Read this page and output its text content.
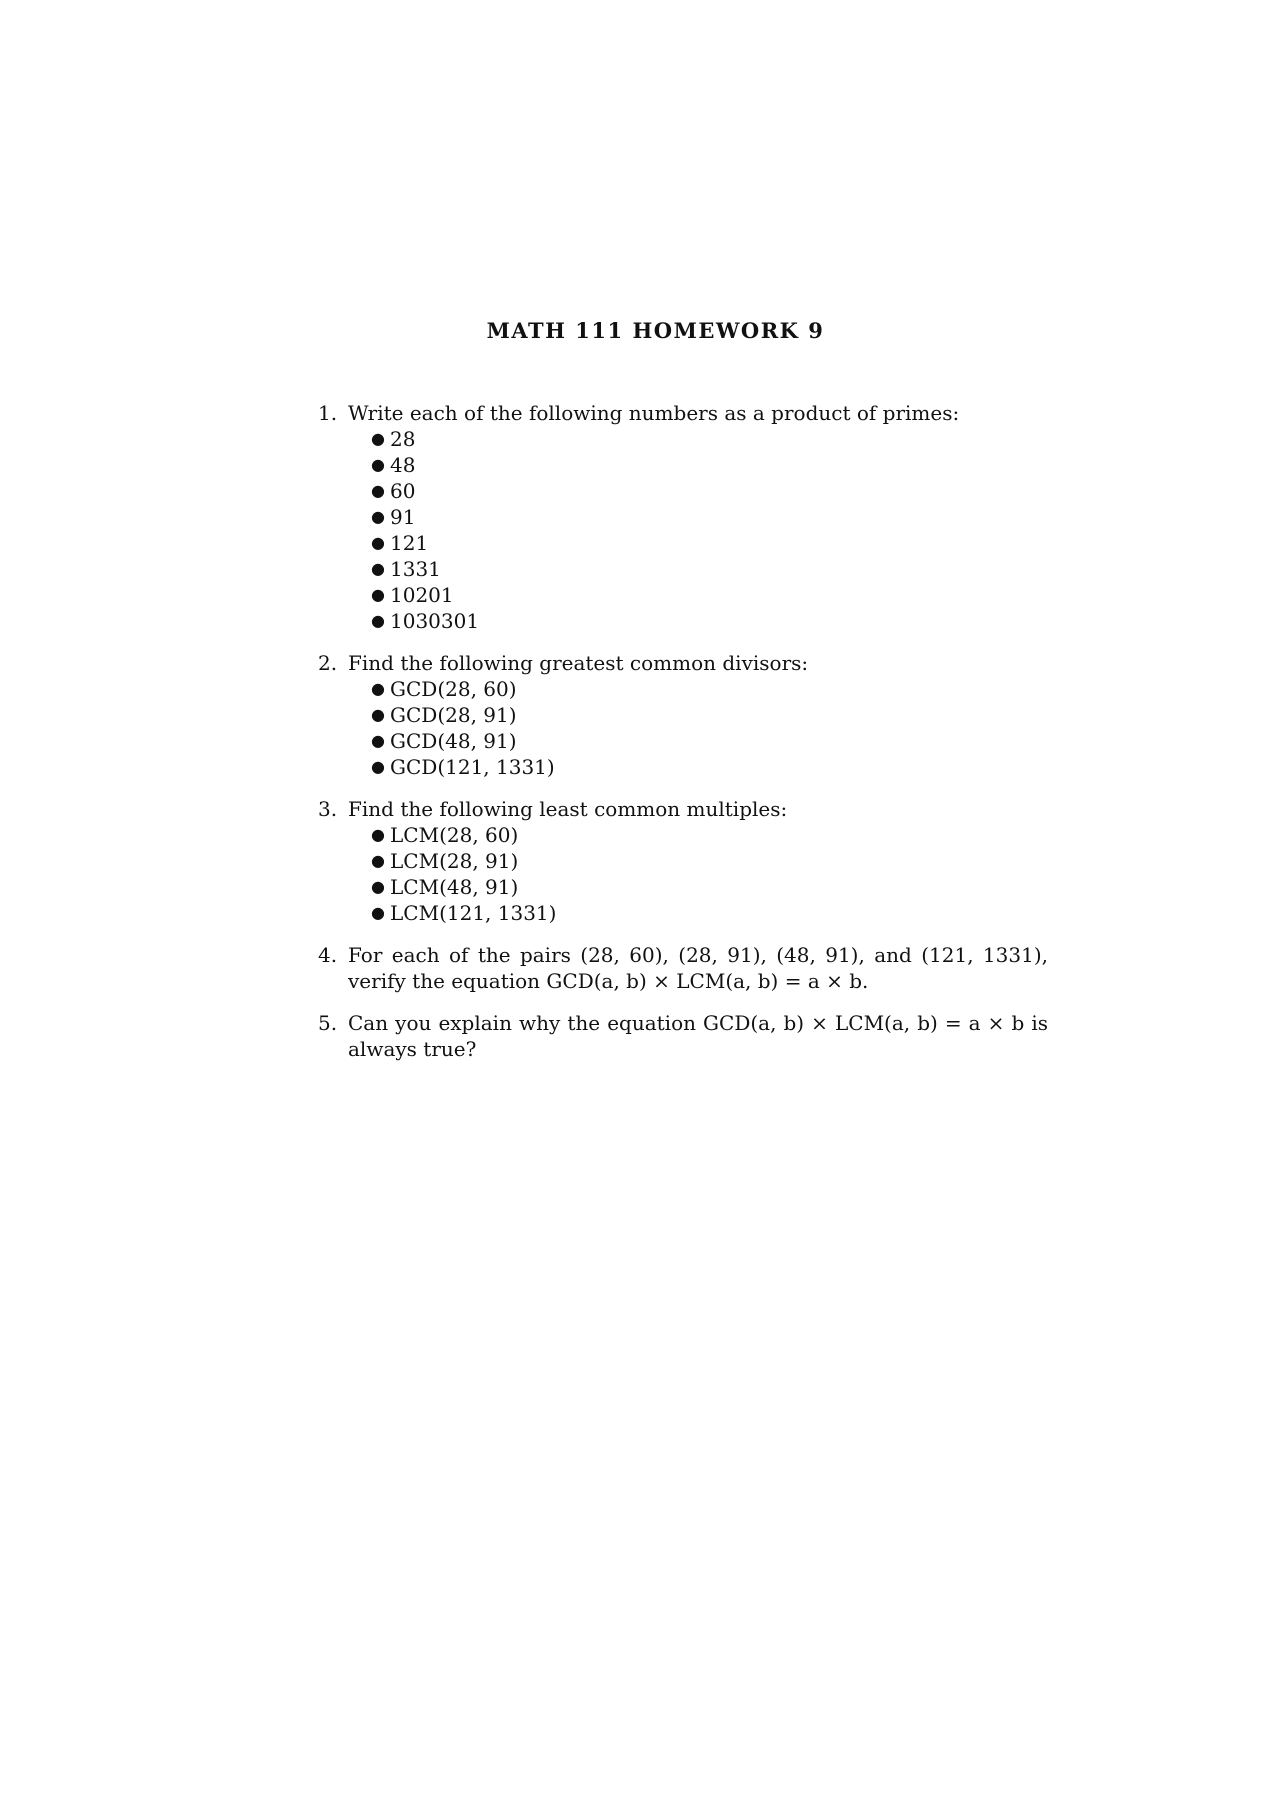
MATH 111 HOMEWORK 9
1. Write each of the following numbers as a product of primes:
● 28
● 48
● 60
● 91
● 121
● 1331
● 10201
● 1030301
2. Find the following greatest common divisors:
● GCD(28, 60)
● GCD(28, 91)
● GCD(48, 91)
● GCD(121, 1331)
3. Find the following least common multiples:
● LCM(28, 60)
● LCM(28, 91)
● LCM(48, 91)
● LCM(121, 1331)
4. For each of the pairs (28, 60), (28, 91), (48, 91), and (121, 1331), verify the equation GCD(a, b) × LCM(a, b) = a × b.
5. Can you explain why the equation GCD(a, b) × LCM(a, b) = a × b is always true?
